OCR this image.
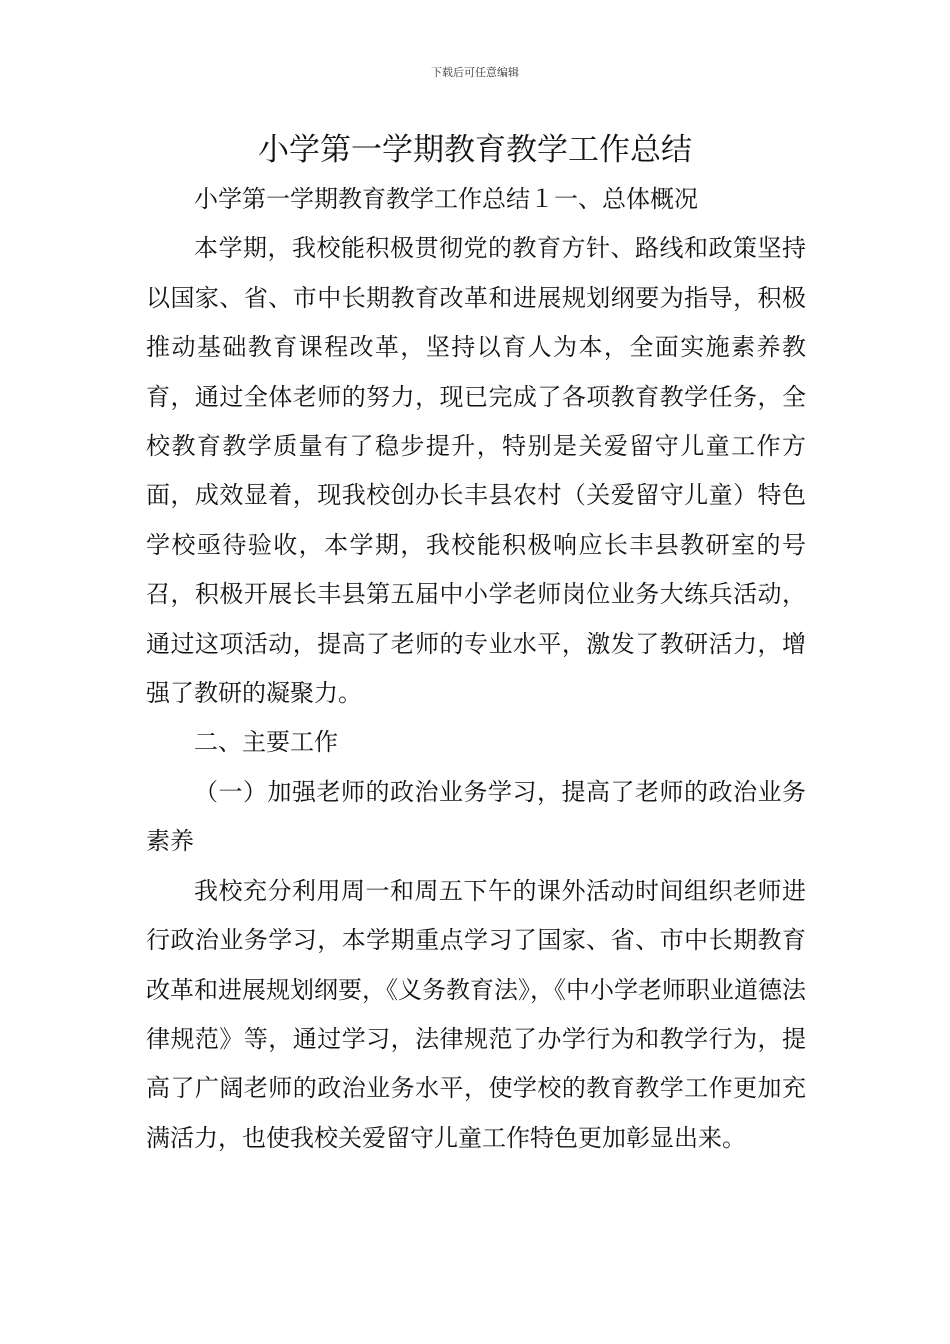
下载后可任意编辑
小学第一学期教育教学工作总结

小学第一学期教育教学工作总结１一、总体概况

本学期，我校能积极贯彻党的教育方针、路线和政策坚持以国家、省、市中长期教育改革和进展规划纲要为指导，积极推动基础教育课程改革，坚持以育人为本，全面实施素养教育，通过全体老师的努力，现已完成了各项教育教学任务，全校教育教学质量有了稳步提升，特别是关爱留守儿童工作方面，成效显着，现我校创办长丰县农村（关爱留守儿童）特色学校亟待验收，本学期，我校能积极响应长丰县教研室的号召，积极开展长丰县第五届中小学老师岗位业务大练兵活动，通过这项活动，提高了老师的专业水平，激发了教研活力，增强了教研的凝聚力。

二、主要工作

（一）加强老师的政治业务学习，提高了老师的政治业务素养

我校充分利用周一和周五下午的课外活动时间组织老师进行政治业务学习，本学期重点学习了国家、省、市中长期教育改革和进展规划纲要，《义务教育法》，《中小学老师职业道德法律规范》等，通过学习，法律规范了办学行为和教学行为，提高了广阔老师的政治业务水平，使学校的教育教学工作更加充满活力，也使我校关爱留守儿童工作特色更加彰显出来。
